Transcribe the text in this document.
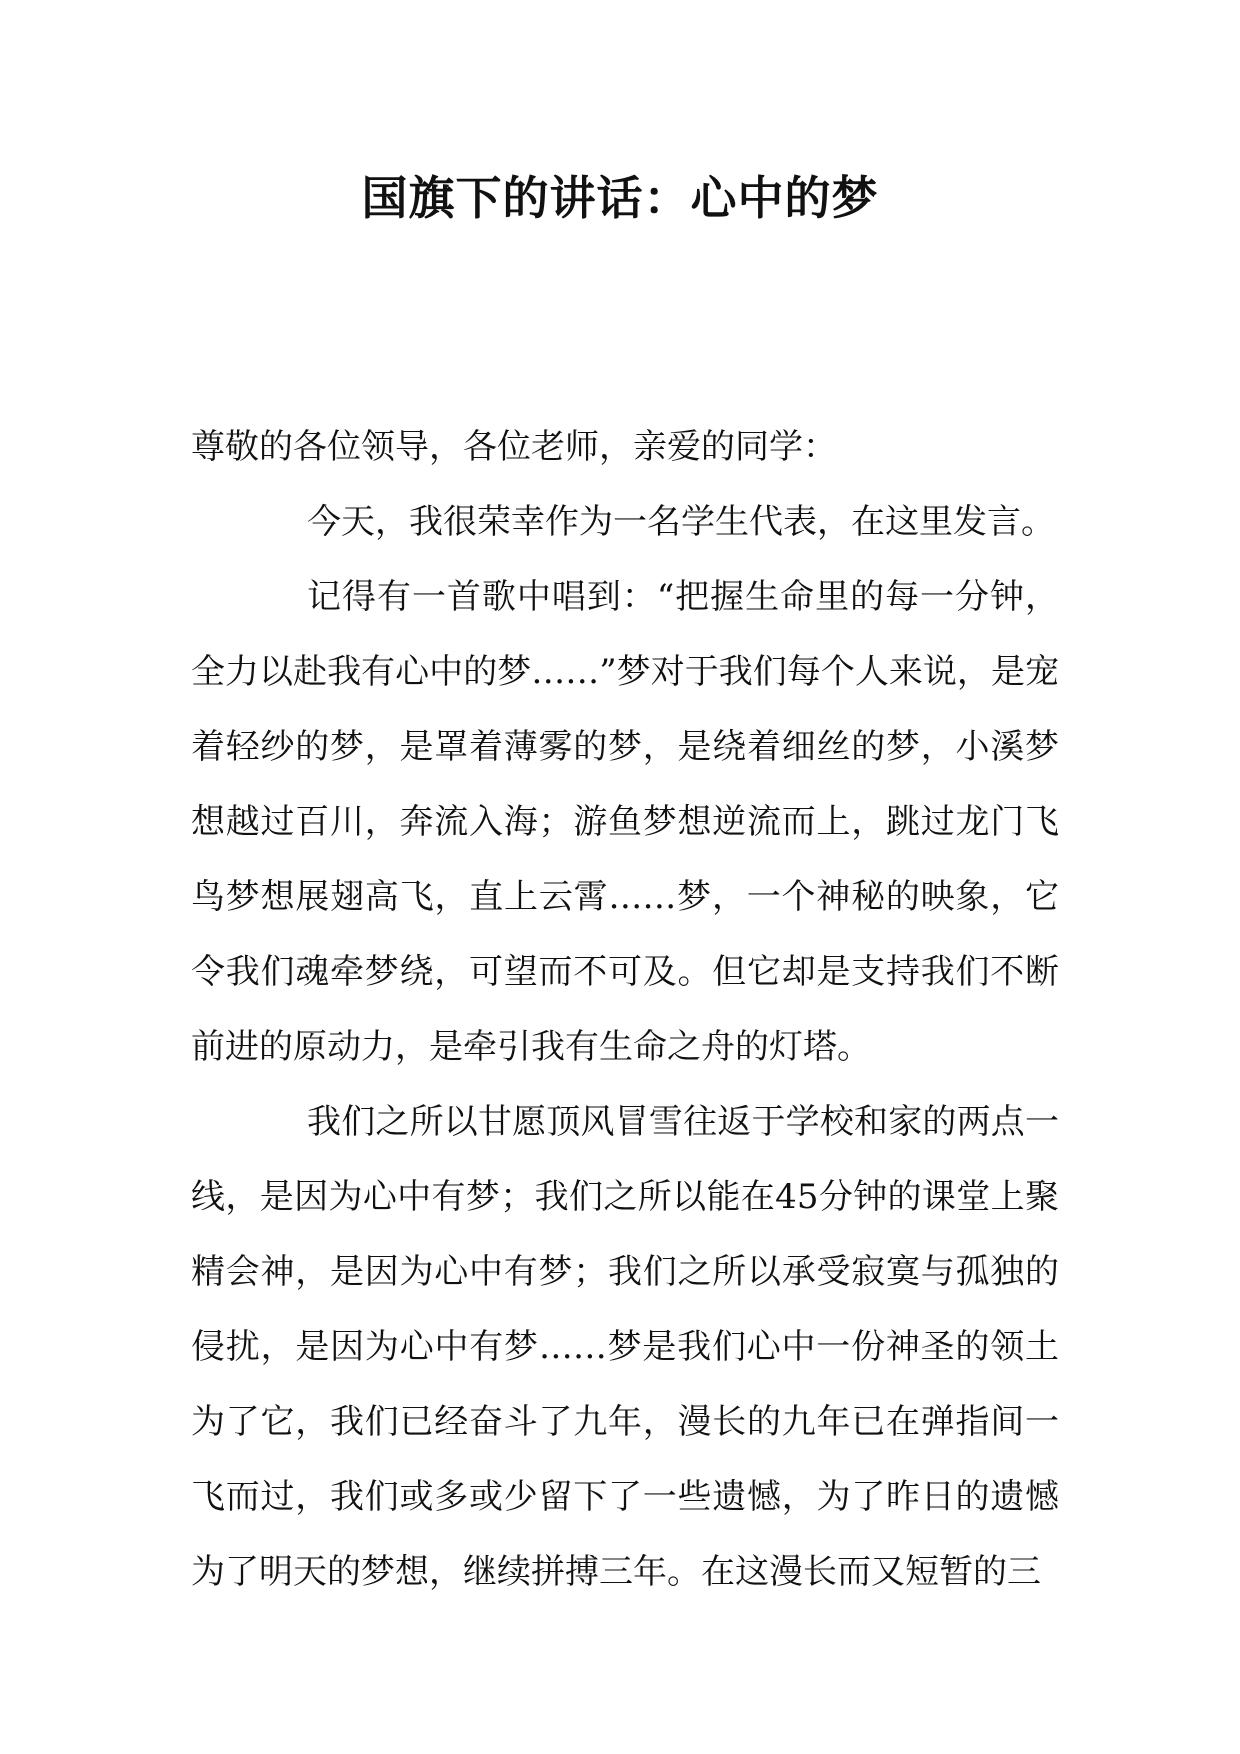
国旗下的讲话：心中的梦

尊敬的各位领导，各位老师，亲爱的同学：

今天，我很荣幸作为一名学生代表，在这里发言。

记得有一首歌中唱到：“把握生命里的每一分钟，全力以赴我有心中的梦……”梦对于我们每个人来说，是宠着轻纱的梦，是罩着薄雾的梦，是绕着细丝的梦，小溪梦想越过百川，奔流入海；游鱼梦想逆流而上，跳过龙门飞鸟梦想展翅高飞，直上云霄……梦，一个神秘的映象，它令我们魂牵梦绕，可望而不可及。但它却是支持我们不断前进的原动力，是牵引我有生命之舟的灯塔。

我们之所以甘愿顶风冒雪往返于学校和家的两点一线，是因为心中有梦；我们之所以能在45分钟的课堂上聚精会神，是因为心中有梦；我们之所以承受寂寞与孤独的侵扰，是因为心中有梦……梦是我们心中一份神圣的领土为了它，我们已经奋斗了九年，漫长的九年已在弹指间一飞而过，我们或多或少留下了一些遗憾，为了昨日的遗憾为了明天的梦想，继续拼搏三年。在这漫长而又短暂的三
